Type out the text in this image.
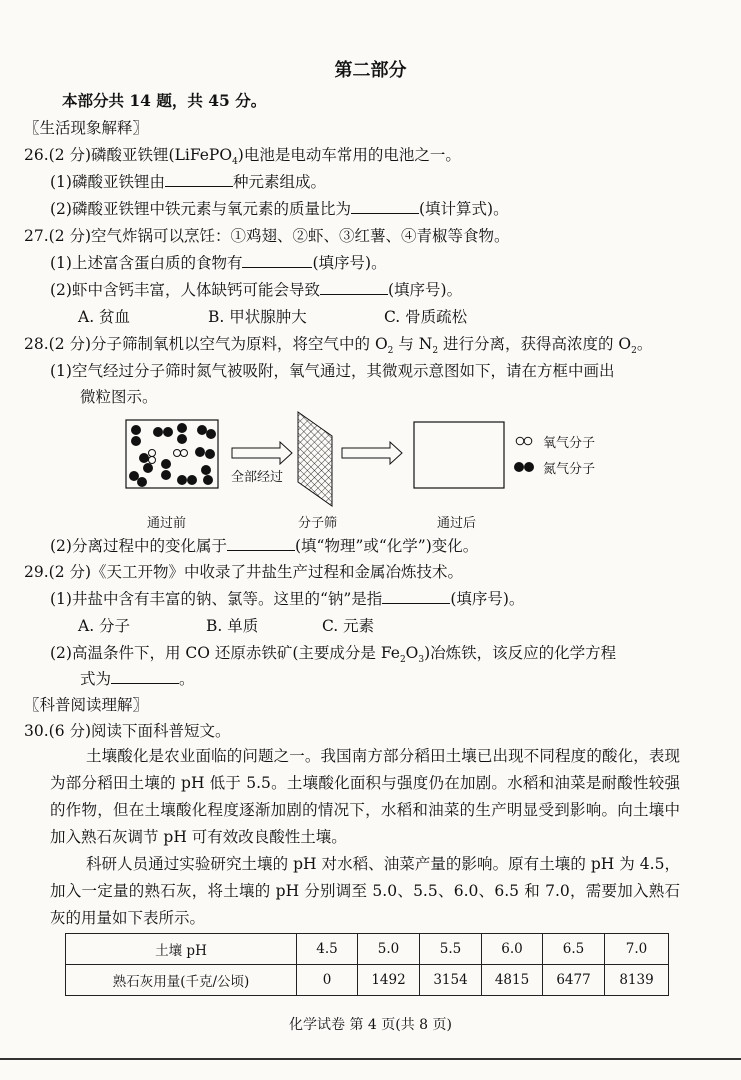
第二部分
本部分共 14 题，共 45 分。
〖生活现象解释〗
26.(2 分)磷酸亚铁锂(LiFePO$_4$)电池是电动车常用的电池之一。
(1)磷酸亚铁锂由	种元素组成。
(2)磷酸亚铁锂中铁元素与氧元素的质量比为	(填计算式)。
27.(2 分)空气炸锅可以烹饪：①鸡翅、②虾、③红薯、④青椒等食物。
(1)上述富含蛋白质的食物有	(填序号)。
(2)虾中含钙丰富，人体缺钙可能会导致	(填序号)。
A. 贫血	B. 甲状腺肿大	C. 骨质疏松
28.(2 分)分子筛制氧机以空气为原料，将空气中的 $O_2$ 与 $N_2$ 进行分离，获得高浓度的 $O_2$。
(1)空气经过分子筛时氮气被吸附，氧气通过，其微观示意图如下，请在方框中画出
微粒图示。
氧气分子
氮气分子
全部经过
通过前	分子筛	通过后
(2)分离过程中的变化属于	(填“物理”或“化学”)变化。
29.(2 分)《天工开物》中收录了井盐生产过程和金属冶炼技术。
(1)井盐中含有丰富的钠、氯等。这里的“钠”是指	(填序号)。
A. 分子	B. 单质	C. 元素
(2)高温条件下，用 CO 还原赤铁矿(主要成分是 $Fe_2O_3$)冶炼铁，该反应的化学方程
式为	。
〖科普阅读理解〗
30.(6 分)阅读下面科普短文。
土壤酸化是农业面临的问题之一。我国南方部分稻田土壤已出现不同程度的酸化，表现为部分稻田土壤的 pH 低于 5.5。土壤酸化面积与强度仍在加剧。水稻和油菜是耐酸性较强的作物，但在土壤酸化程度逐渐加剧的情况下，水稻和油菜的生产明显受到影响。向土壤中加入熟石灰调节 pH 可有效改良酸性土壤。
科研人员通过实验研究土壤的 pH 对水稻、油菜产量的影响。原有土壤的 pH 为 4.5，加入一定量的熟石灰，将土壤的 pH 分别调至 5.0、5.5、6.0、6.5 和 7.0，需要加入熟石灰的用量如下表所示。
土壤 pH	4.5	5.0	5.5	6.0	6.5	7.0
熟石灰用量(千克/公顷)	0	1492	3154	4815	6477	8139
化学试卷 第 4 页(共 8 页)
